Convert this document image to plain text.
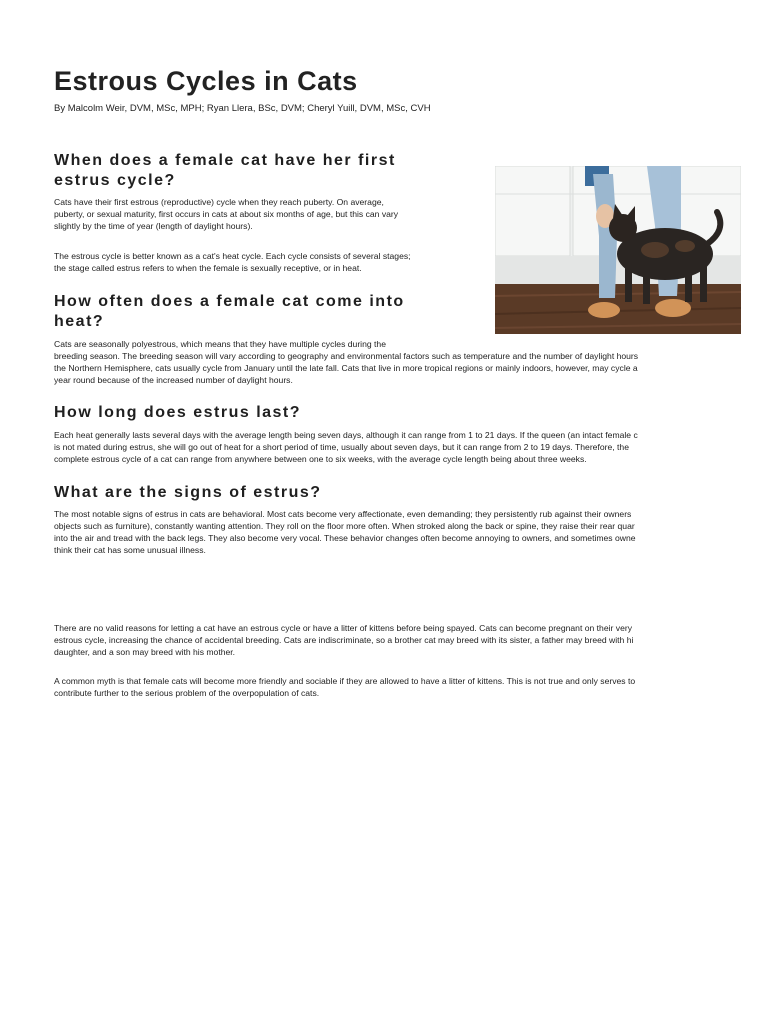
Estrous Cycles in Cats
By Malcolm Weir, DVM, MSc, MPH; Ryan Llera, BSc, DVM; Cheryl Yuill, DVM, MSc, CVH
When does a female cat have her first
estrus cycle?

Cats have their first estrous (reproductive) cycle when they reach puberty. On average,
puberty, or sexual maturity, first occurs in cats at about six months of age, but this can vary
slightly by the time of year (length of daylight hours).

The estrous cycle is better known as a cat's heat cycle. Each cycle consists of several stages;
the stage called estrus refers to when the female is sexually receptive, or in heat.

How often does a female cat come into
heat?

Cats are seasonally polyestrous, which means that they have multiple cycles during the
breeding season. The breeding season will vary according to geography and environmental factors such as temperature and the number of daylight hours
the Northern Hemisphere, cats usually cycle from January until the late fall. Cats that live in more tropical regions or mainly indoors, however, may cycle a
year round because of the increased number of daylight hours.

How long does estrus last?

Each heat generally lasts several days with the average length being seven days, although it can range from 1 to 21 days. If the queen (an intact female c
is not mated during estrus, she will go out of heat for a short period of time, usually about seven days, but it can range from 2 to 19 days. Therefore, the
complete estrous cycle of a cat can range from anywhere between one to six weeks, with the average cycle length being about three weeks.

What are the signs of estrus?

The most notable signs of estrus in cats are behavioral. Most cats become very affectionate, even demanding; they persistently rub against their owners
objects such as furniture), constantly wanting attention. They roll on the floor more often. When stroked along the back or spine, they raise their rear quar
into the air and tread with the back legs. They also become very vocal. These behavior changes often become annoying to owners, and sometimes owne
think their cat has some unusual illness.

There are no valid reasons for letting a cat have an estrous cycle or have a litter of kittens before being spayed. Cats can become pregnant on their very
estrous cycle, increasing the chance of accidental breeding. Cats are indiscriminate, so a brother cat may breed with its sister, a father may breed with hi
daughter, and a son may breed with his mother.

A common myth is that female cats will become more friendly and sociable if they are allowed to have a litter of kittens. This is not true and only serves to
contribute further to the serious problem of the overpopulation of cats.
